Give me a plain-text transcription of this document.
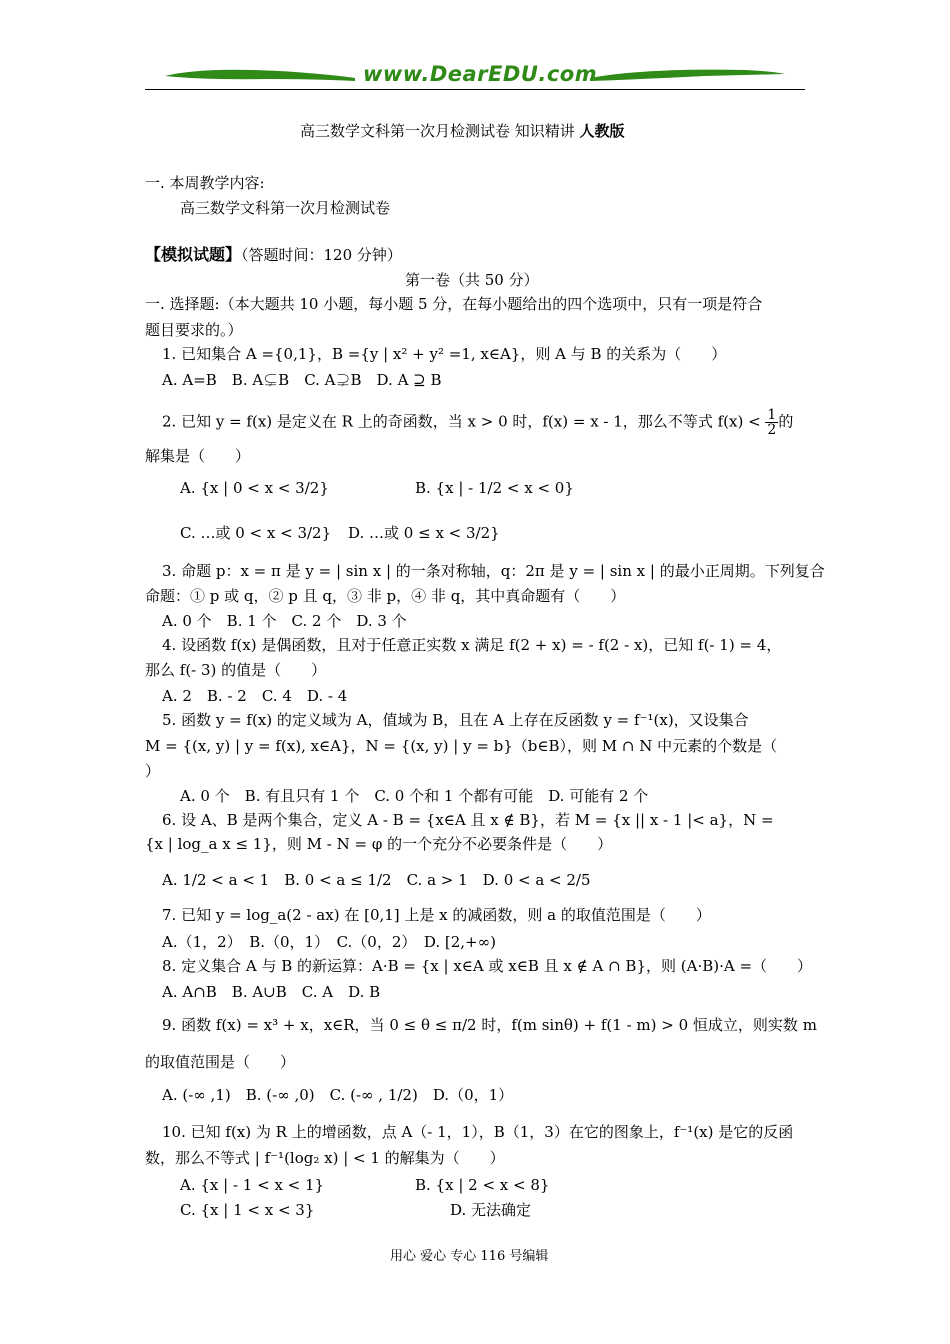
www.DearEDU.com
高三数学文科第一次月检测试卷 知识精讲 人教版
一. 本周教学内容:
高三数学文科第一次月检测试卷
【模拟试题】（答题时间：120 分钟）
第一卷（共 50 分）
一. 选择题:（本大题共 10 小题，每小题 5 分，在每小题给出的四个选项中，只有一项是符合
题目要求的。）
1. 已知集合 A ={0,1}，B ={y | x² + y² =1, x∈A}，则 A 与 B 的关系为（　　）
A. A=B　B. A⊊B　C. A⊋B　D. A ⊇ B
2. 已知 y = f(x) 是定义在 R 上的奇函数，当 x > 0 时，f(x) = x - 1，那么不等式 $f(x) < \frac{1}{2}$ 的
解集是（　　）
A. {x | 0 < x < 3/2}	B. {x | - 1/2 < x < 0}
C. …或 0 < x < 3/2} D. …或 0 ≤ x < 3/2}
3. 命题 p：x = π 是 y = | sin x | 的一条对称轴，q：2π 是 y = | sin x | 的最小正周期。下列复合
命题：① p 或 q，② p 且 q，③ 非 p，④ 非 q，其中真命题有（　　）
A. 0 个　B. 1 个　C. 2 个　D. 3 个
4. 设函数 f(x) 是偶函数，且对于任意正实数 x 满足 f(2 + x) = - f(2 - x)，已知 f(- 1) = 4，
那么 f(- 3) 的值是（　　）
A. 2　B. - 2　C. 4　D. - 4
5. 函数 y = f(x) 的定义域为 A，值域为 B，且在 A 上存在反函数 y = f⁻¹(x)，又设集合
M = {(x, y) | y = f(x), x∈A}，N = {(x, y) | y = b}（b∈B），则 M ∩ N 中元素的个数是（
）
A. 0 个　B. 有且只有 1 个　C. 0 个和 1 个都有可能　D. 可能有 2 个
6. 设 A、B 是两个集合，定义 A - B = {x∈A 且 x ∉ B}，若 M = {x || x - 1 |< a}，N =
{x | log_a x ≤ 1}，则 M - N = φ 的一个充分不必要条件是（　　）
A. 1/2 < a < 1　B. 0 < a ≤ 1/2　C. a > 1　D. 0 < a < 2/5
7. 已知 y = log_a(2 - ax) 在 [0,1] 上是 x 的减函数，则 a 的取值范围是（　　）
A.（1，2）　B.（0，1）　C.（0，2）　D. [2,+∞)
8. 定义集合 A 与 B 的新运算：A·B = {x | x∈A 或 x∈B 且 x ∉ A ∩ B}，则 (A·B)·A =（　　）
A. A∩B　B. A∪B　C. A　D. B
9. 函数 f(x) = x³ + x，x∈R，当 0 ≤ θ ≤ π/2 时，f(m sinθ) + f(1 - m) > 0 恒成立，则实数 m
的取值范围是（　　）
A. (-∞ ,1)　B. (-∞ ,0)　C. (-∞ , 1/2)　D.（0，1）
10. 已知 f(x) 为 R 上的增函数，点 A（- 1，1），B（1，3）在它的图象上，f⁻¹(x) 是它的反函
数，那么不等式 | f⁻¹(log₂ x) | < 1 的解集为（　　）
A. {x | - 1 < x < 1}	B. {x | 2 < x < 8}
C. {x | 1 < x < 3}	D. 无法确定
用心 爱心 专心 116 号编辑
